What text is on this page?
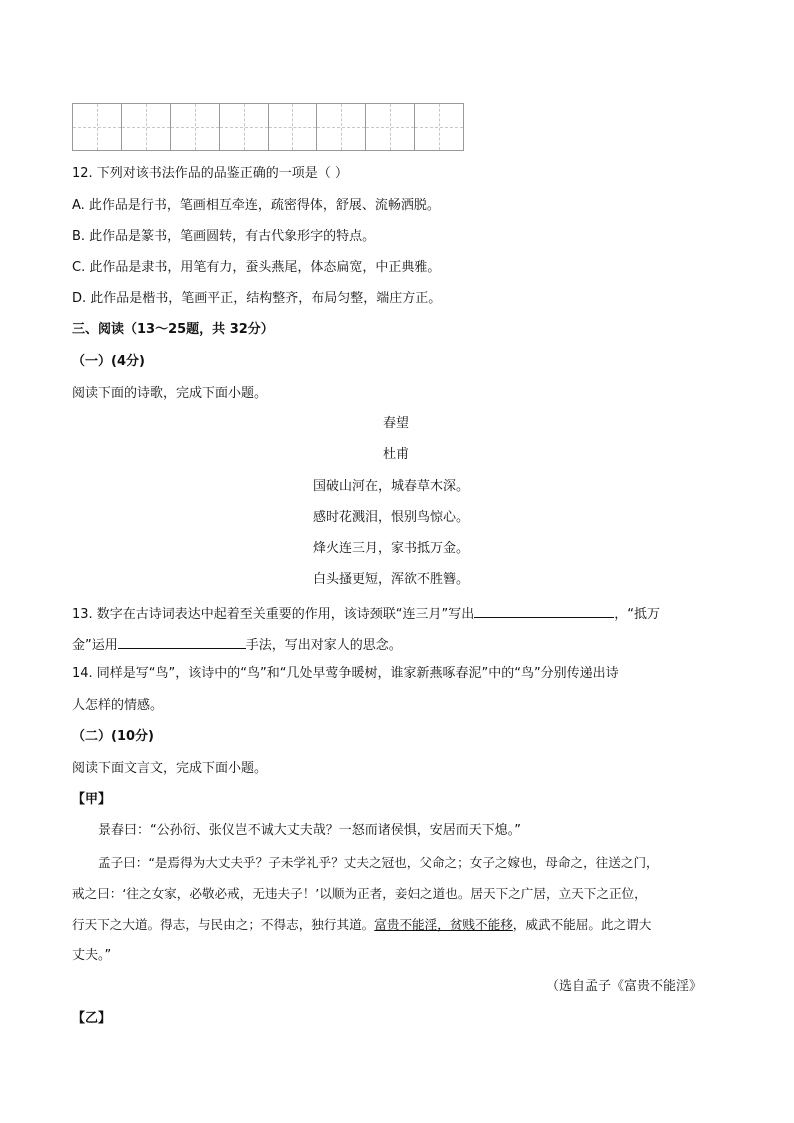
12. 下列对该书法作品的品鉴正确的一项是（ ）
A. 此作品是行书，笔画相互牵连，疏密得体，舒展、流畅洒脱。
B. 此作品是篆书，笔画圆转，有古代象形字的特点。
C. 此作品是隶书，用笔有力，蚕头燕尾，体态扁宽，中正典雅。
D. 此作品是楷书，笔画平正，结构整齐，布局匀整，端庄方正。
三、阅读（13～25题，共 32分）
（一）(4分)
阅读下面的诗歌，完成下面小题。
春望
杜甫
国破山河在，城春草木深。
感时花溅泪，恨别鸟惊心。
烽火连三月，家书抵万金。
白头搔更短，浑欲不胜簪。
13. 数字在古诗词表达中起着至关重要的作用，该诗颈联“连三月”写出	，“抵万
金”运用	手法，写出对家人的思念。
14. 同样是写“鸟”，该诗中的“鸟”和“几处早莺争暖树，谁家新燕啄春泥”中的“鸟”分别传递出诗
人怎样的情感。
（二）(10分)
阅读下面文言文，完成下面小题。
【甲】
景春曰：“公孙衍、张仪岂不诚大丈夫哉？一怒而诸侯惧，安居而天下熄。”
孟子曰：“是焉得为大丈夫乎？子未学礼乎？丈夫之冠也，父命之；女子之嫁也，母命之，往送之门，
戒之曰：‘往之女家，必敬必戒，无违夫子！’以顺为正者，妾妇之道也。居天下之广居，立天下之正位，
行天下之大道。得志，与民由之；不得志，独行其道。富贵不能淫，贫贱不能移，威武不能屈。此之谓大
丈夫。”
（选自孟子《富贵不能淫》
【乙】
